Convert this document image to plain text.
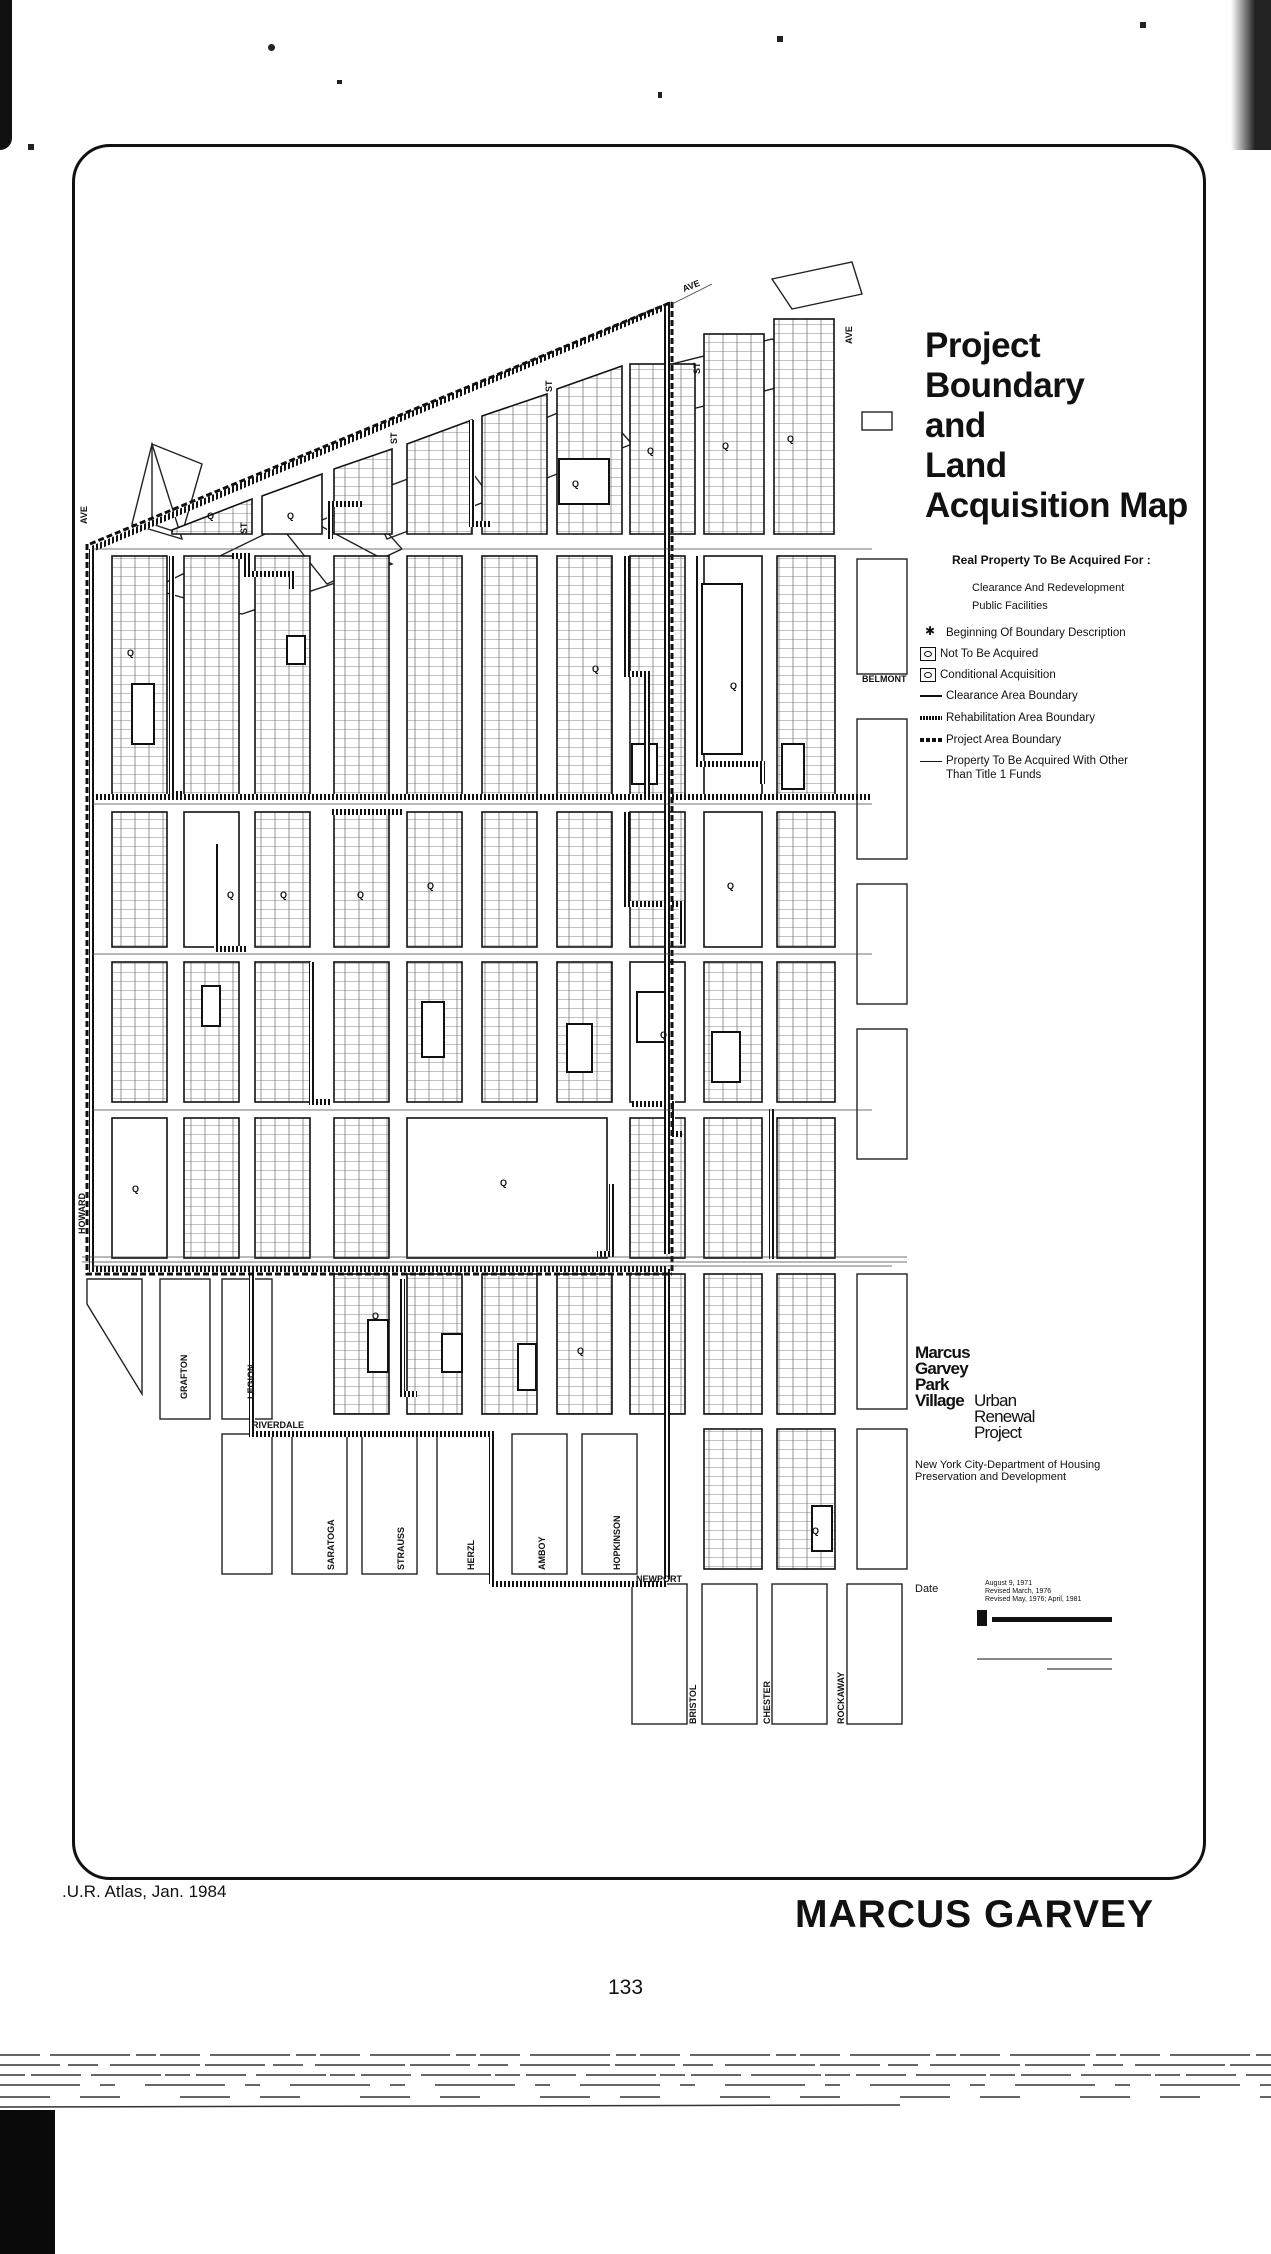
Q	Q
Q
Q	Q
Q
Q
Q
Q
Q	Q	Q
Q	Q
Q
Q
Q
Q
Q
Q
AVE
AVE
AVE
ST
ST
ST
ST
BELMONT
HOWARD
GRAFTON	LEGION
RIVERDALE
SARATOGA	STRAUSS	HERZL	AMBOY	HOPKINSON
NEWPORT
BRISTOL	CHESTER	ROCKAWAY
Project
Boundary
and
Land
Acquisition Map
Real Property To Be Acquired For :
Clearance And Redevelopment
Public Facilities
✱
Beginning Of Boundary Description
Not To Be Acquired
Conditional Acquisition
Clearance Area Boundary
Rehabilitation Area Boundary
Project Area Boundary
Property To Be Acquired With Other Than Title 1 Funds
Marcus
Garvey
Park
Village Urban
Renewal
Project
New York City-Department of Housing Preservation and Development
Date	August 9, 1971
Revised March, 1976
Revised May, 1976; April, 1981
.U.R. Atlas, Jan. 1984
MARCUS GARVEY
133
